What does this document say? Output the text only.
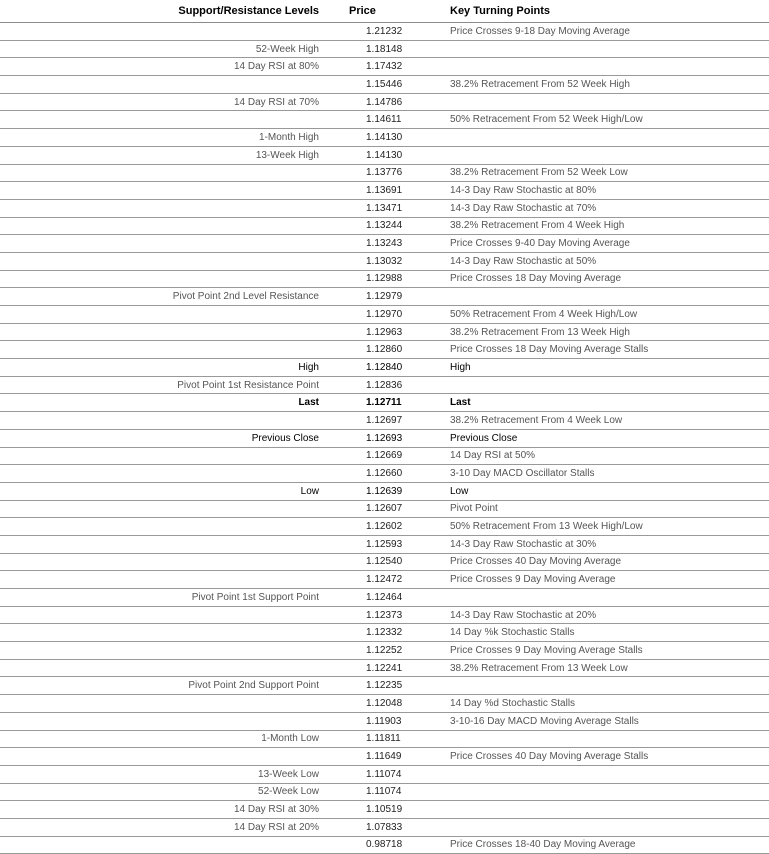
Support/Resistance Levels	Price	Key Turning Points
	1.21232	Price Crosses 9-18 Day Moving Average
52-Week High	1.18148	
14 Day RSI at 80%	1.17432	
	1.15446	38.2% Retracement From 52 Week High
14 Day RSI at 70%	1.14786	
	1.14611	50% Retracement From 52 Week High/Low
1-Month High	1.14130	
13-Week High	1.14130	
	1.13776	38.2% Retracement From 52 Week Low
	1.13691	14-3 Day Raw Stochastic at 80%
	1.13471	14-3 Day Raw Stochastic at 70%
	1.13244	38.2% Retracement From 4 Week High
	1.13243	Price Crosses 9-40 Day Moving Average
	1.13032	14-3 Day Raw Stochastic at 50%
	1.12988	Price Crosses 18 Day Moving Average
Pivot Point 2nd Level Resistance	1.12979	
	1.12970	50% Retracement From 4 Week High/Low
	1.12963	38.2% Retracement From 13 Week High
	1.12860	Price Crosses 18 Day Moving Average Stalls
High	1.12840	High
Pivot Point 1st Resistance Point	1.12836	
Last	1.12711	Last
	1.12697	38.2% Retracement From 4 Week Low
Previous Close	1.12693	Previous Close
	1.12669	14 Day RSI at 50%
	1.12660	3-10 Day MACD Oscillator Stalls
Low	1.12639	Low
	1.12607	Pivot Point
	1.12602	50% Retracement From 13 Week High/Low
	1.12593	14-3 Day Raw Stochastic at 30%
	1.12540	Price Crosses 40 Day Moving Average
	1.12472	Price Crosses 9 Day Moving Average
Pivot Point 1st Support Point	1.12464	
	1.12373	14-3 Day Raw Stochastic at 20%
	1.12332	14 Day %k Stochastic Stalls
	1.12252	Price Crosses 9 Day Moving Average Stalls
	1.12241	38.2% Retracement From 13 Week Low
Pivot Point 2nd Support Point	1.12235	
	1.12048	14 Day %d Stochastic Stalls
	1.11903	3-10-16 Day MACD Moving Average Stalls
1-Month Low	1.11811	
	1.11649	Price Crosses 40 Day Moving Average Stalls
13-Week Low	1.11074	
52-Week Low	1.11074	
14 Day RSI at 30%	1.10519	
14 Day RSI at 20%	1.07833	
	0.98718	Price Crosses 18-40 Day Moving Average
